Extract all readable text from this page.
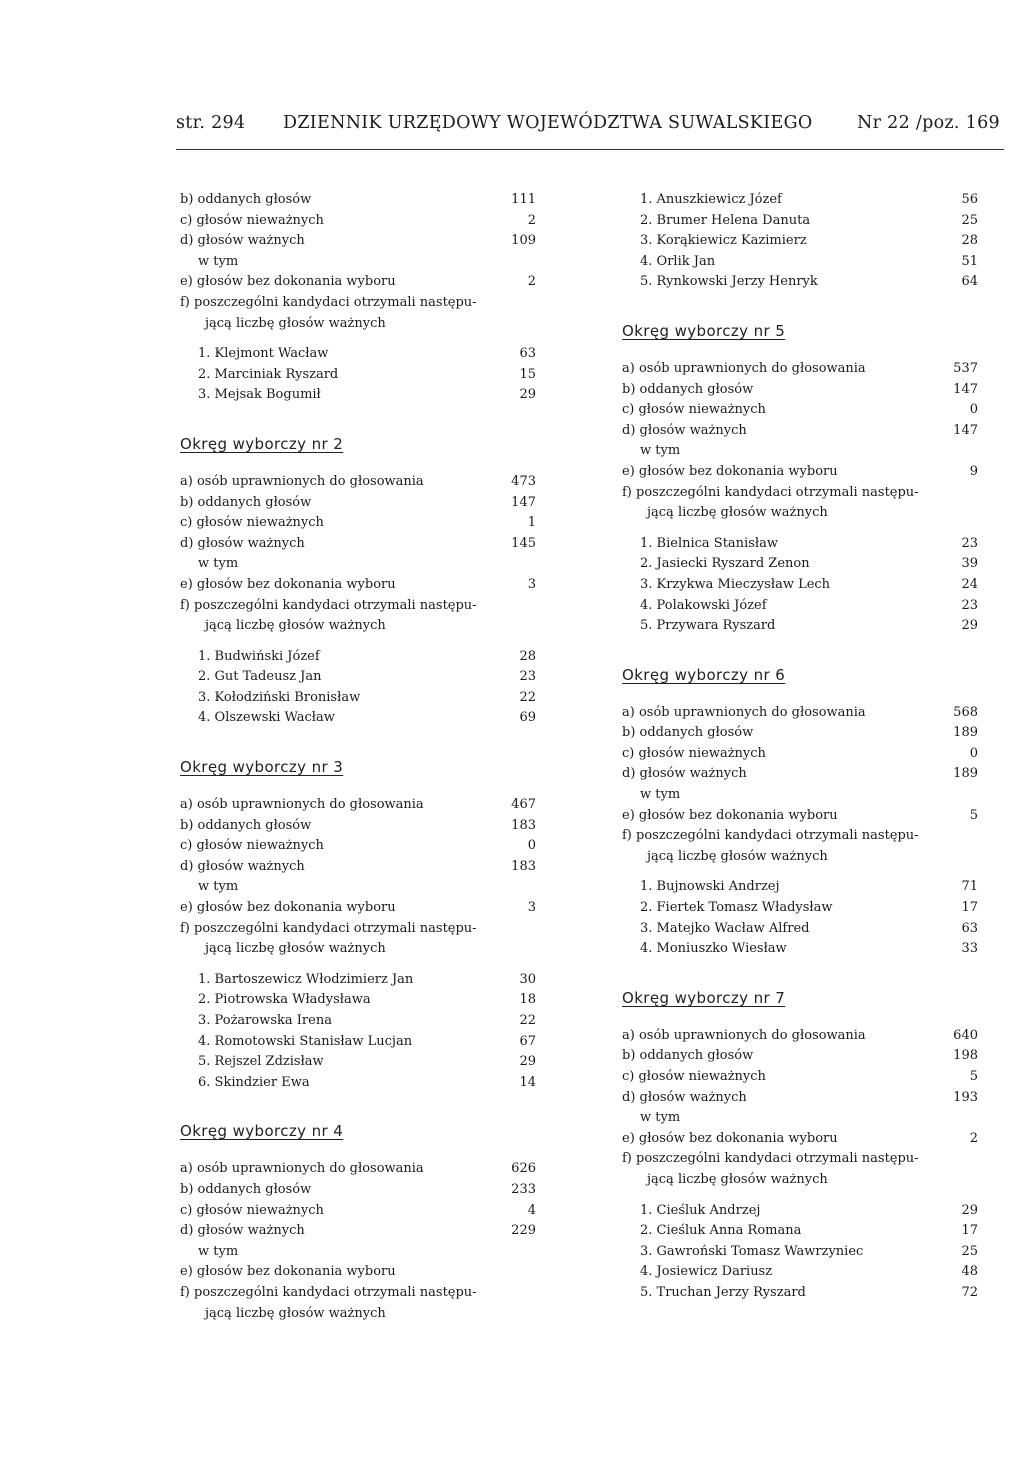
str. 294 DZIENNIK URZĘDOWY WOJEWÓDZTWA SUWALSKIEGO	Nr 22 /poz. 169
b) oddanych głosów	111
c) głosów nieważnych	2
d) głosów ważnych	109
w tym
e) głosów bez dokonania wyboru	2
f) poszczególni kandydaci otrzymali następu-
jącą liczbę głosów ważnych
1. Klejmont Wacław	63
2. Marciniak Ryszard	15
3. Mejsak Bogumił	29
Okręg wyborczy nr 2
a) osób uprawnionych do głosowania	473
b) oddanych głosów	147
c) głosów nieważnych	1
d) głosów ważnych	145
w tym
e) głosów bez dokonania wyboru	3
f) poszczególni kandydaci otrzymali następu-
jącą liczbę głosów ważnych
1. Budwiński Józef	28
2. Gut Tadeusz Jan	23
3. Kołodziński Bronisław	22
4. Olszewski Wacław	69
Okręg wyborczy nr 3
a) osób uprawnionych do głosowania	467
b) oddanych głosów	183
c) głosów nieważnych	0
d) głosów ważnych	183
w tym
e) głosów bez dokonania wyboru	3
f) poszczególni kandydaci otrzymali następu-
jącą liczbę głosów ważnych
1. Bartoszewicz Włodzimierz Jan	30
2. Piotrowska Władysława	18
3. Pożarowska Irena	22
4. Romotowski Stanisław Lucjan	67
5. Rejszel Zdzisław	29
6. Skindzier Ewa	14
Okręg wyborczy nr 4
a) osób uprawnionych do głosowania	626
b) oddanych głosów	233
c) głosów nieważnych	4
d) głosów ważnych	229
w tym
e) głosów bez dokonania wyboru
f) poszczególni kandydaci otrzymali następu-
jącą liczbę głosów ważnych
1. Anuszkiewicz Józef	56
2. Brumer Helena Danuta	25
3. Korąkiewicz Kazimierz	28
4. Orlik Jan	51
5. Rynkowski Jerzy Henryk	64
Okręg wyborczy nr 5
a) osób uprawnionych do głosowania	537
b) oddanych głosów	147
c) głosów nieważnych	0
d) głosów ważnych	147
w tym
e) głosów bez dokonania wyboru	9
f) poszczególni kandydaci otrzymali następu-
jącą liczbę głosów ważnych
1. Bielnica Stanisław	23
2. Jasiecki Ryszard Zenon	39
3. Krzykwa Mieczysław Lech	24
4. Polakowski Józef	23
5. Przywara Ryszard	29
Okręg wyborczy nr 6
a) osób uprawnionych do głosowania	568
b) oddanych głosów	189
c) głosów nieważnych	0
d) głosów ważnych	189
w tym
e) głosów bez dokonania wyboru	5
f) poszczególni kandydaci otrzymali następu-
jącą liczbę głosów ważnych
1. Bujnowski Andrzej	71
2. Fiertek Tomasz Władysław	17
3. Matejko Wacław Alfred	63
4. Moniuszko Wiesław	33
Okręg wyborczy nr 7
a) osób uprawnionych do głosowania	640
b) oddanych głosów	198
c) głosów nieważnych	5
d) głosów ważnych	193
w tym
e) głosów bez dokonania wyboru	2
f) poszczególni kandydaci otrzymali następu-
jącą liczbę głosów ważnych
1. Cieśluk Andrzej	29
2. Cieśluk Anna Romana	17
3. Gawroński Tomasz Wawrzyniec	25
4. Josiewicz Dariusz	48
5. Truchan Jerzy Ryszard	72
